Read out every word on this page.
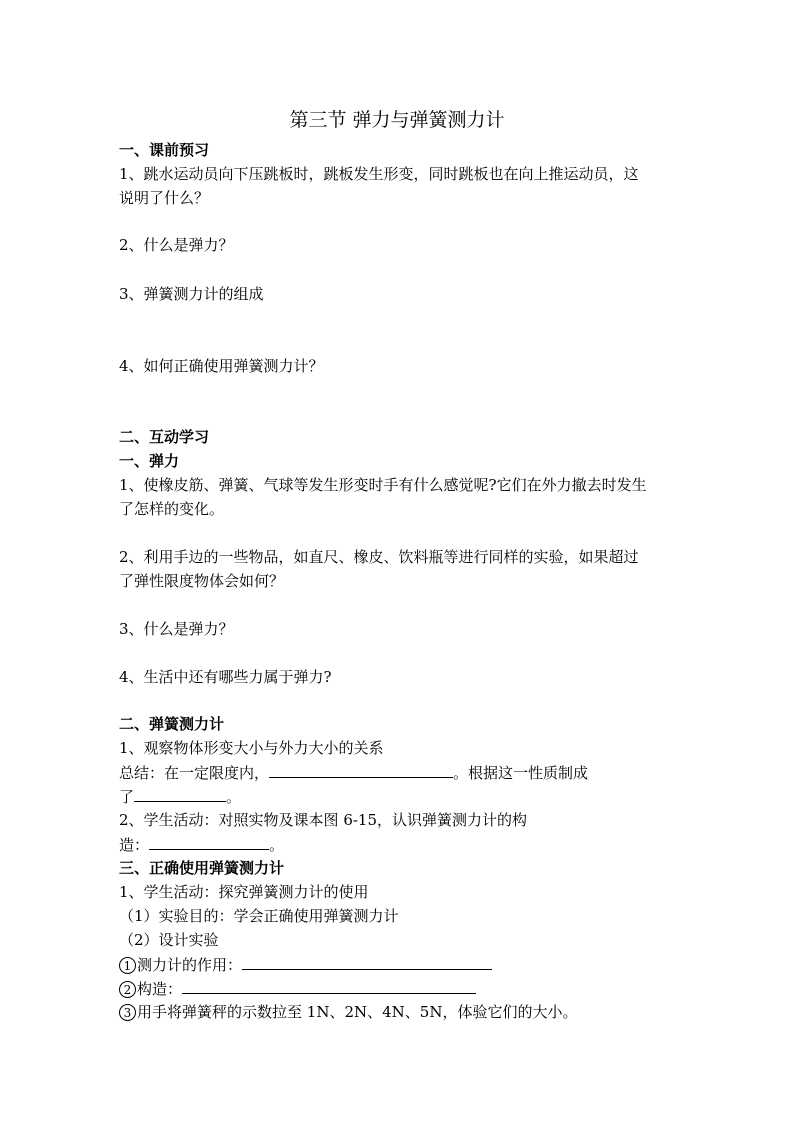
第三节 弹力与弹簧测力计
一、课前预习
1、跳水运动员向下压跳板时，跳板发生形变，同时跳板也在向上推运动员，这
说明了什么？
2、什么是弹力？
3、弹簧测力计的组成
4、如何正确使用弹簧测力计？
二、互动学习
一、弹力
1、使橡皮筋、弹簧、气球等发生形变时手有什么感觉呢?它们在外力撤去时发生
了怎样的变化。
2、利用手边的一些物品，如直尺、橡皮、饮料瓶等进行同样的实验，如果超过
了弹性限度物体会如何？
3、什么是弹力？
4、生活中还有哪些力属于弹力?
二、弹簧测力计
1、观察物体形变大小与外力大小的关系
总结：在一定限度内，	。根据这一性质制成
了	。
2、学生活动：对照实物及课本图 6-15，认识弹簧测力计的构
造：	。
三、正确使用弹簧测力计
1、学生活动：探究弹簧测力计的使用
（1）实验目的：学会正确使用弹簧测力计
（2）设计实验
1 测力计的作用：
2 构造：
3 用手将弹簧秤的示数拉至 1N、2N、4N、5N，体验它们的大小。
